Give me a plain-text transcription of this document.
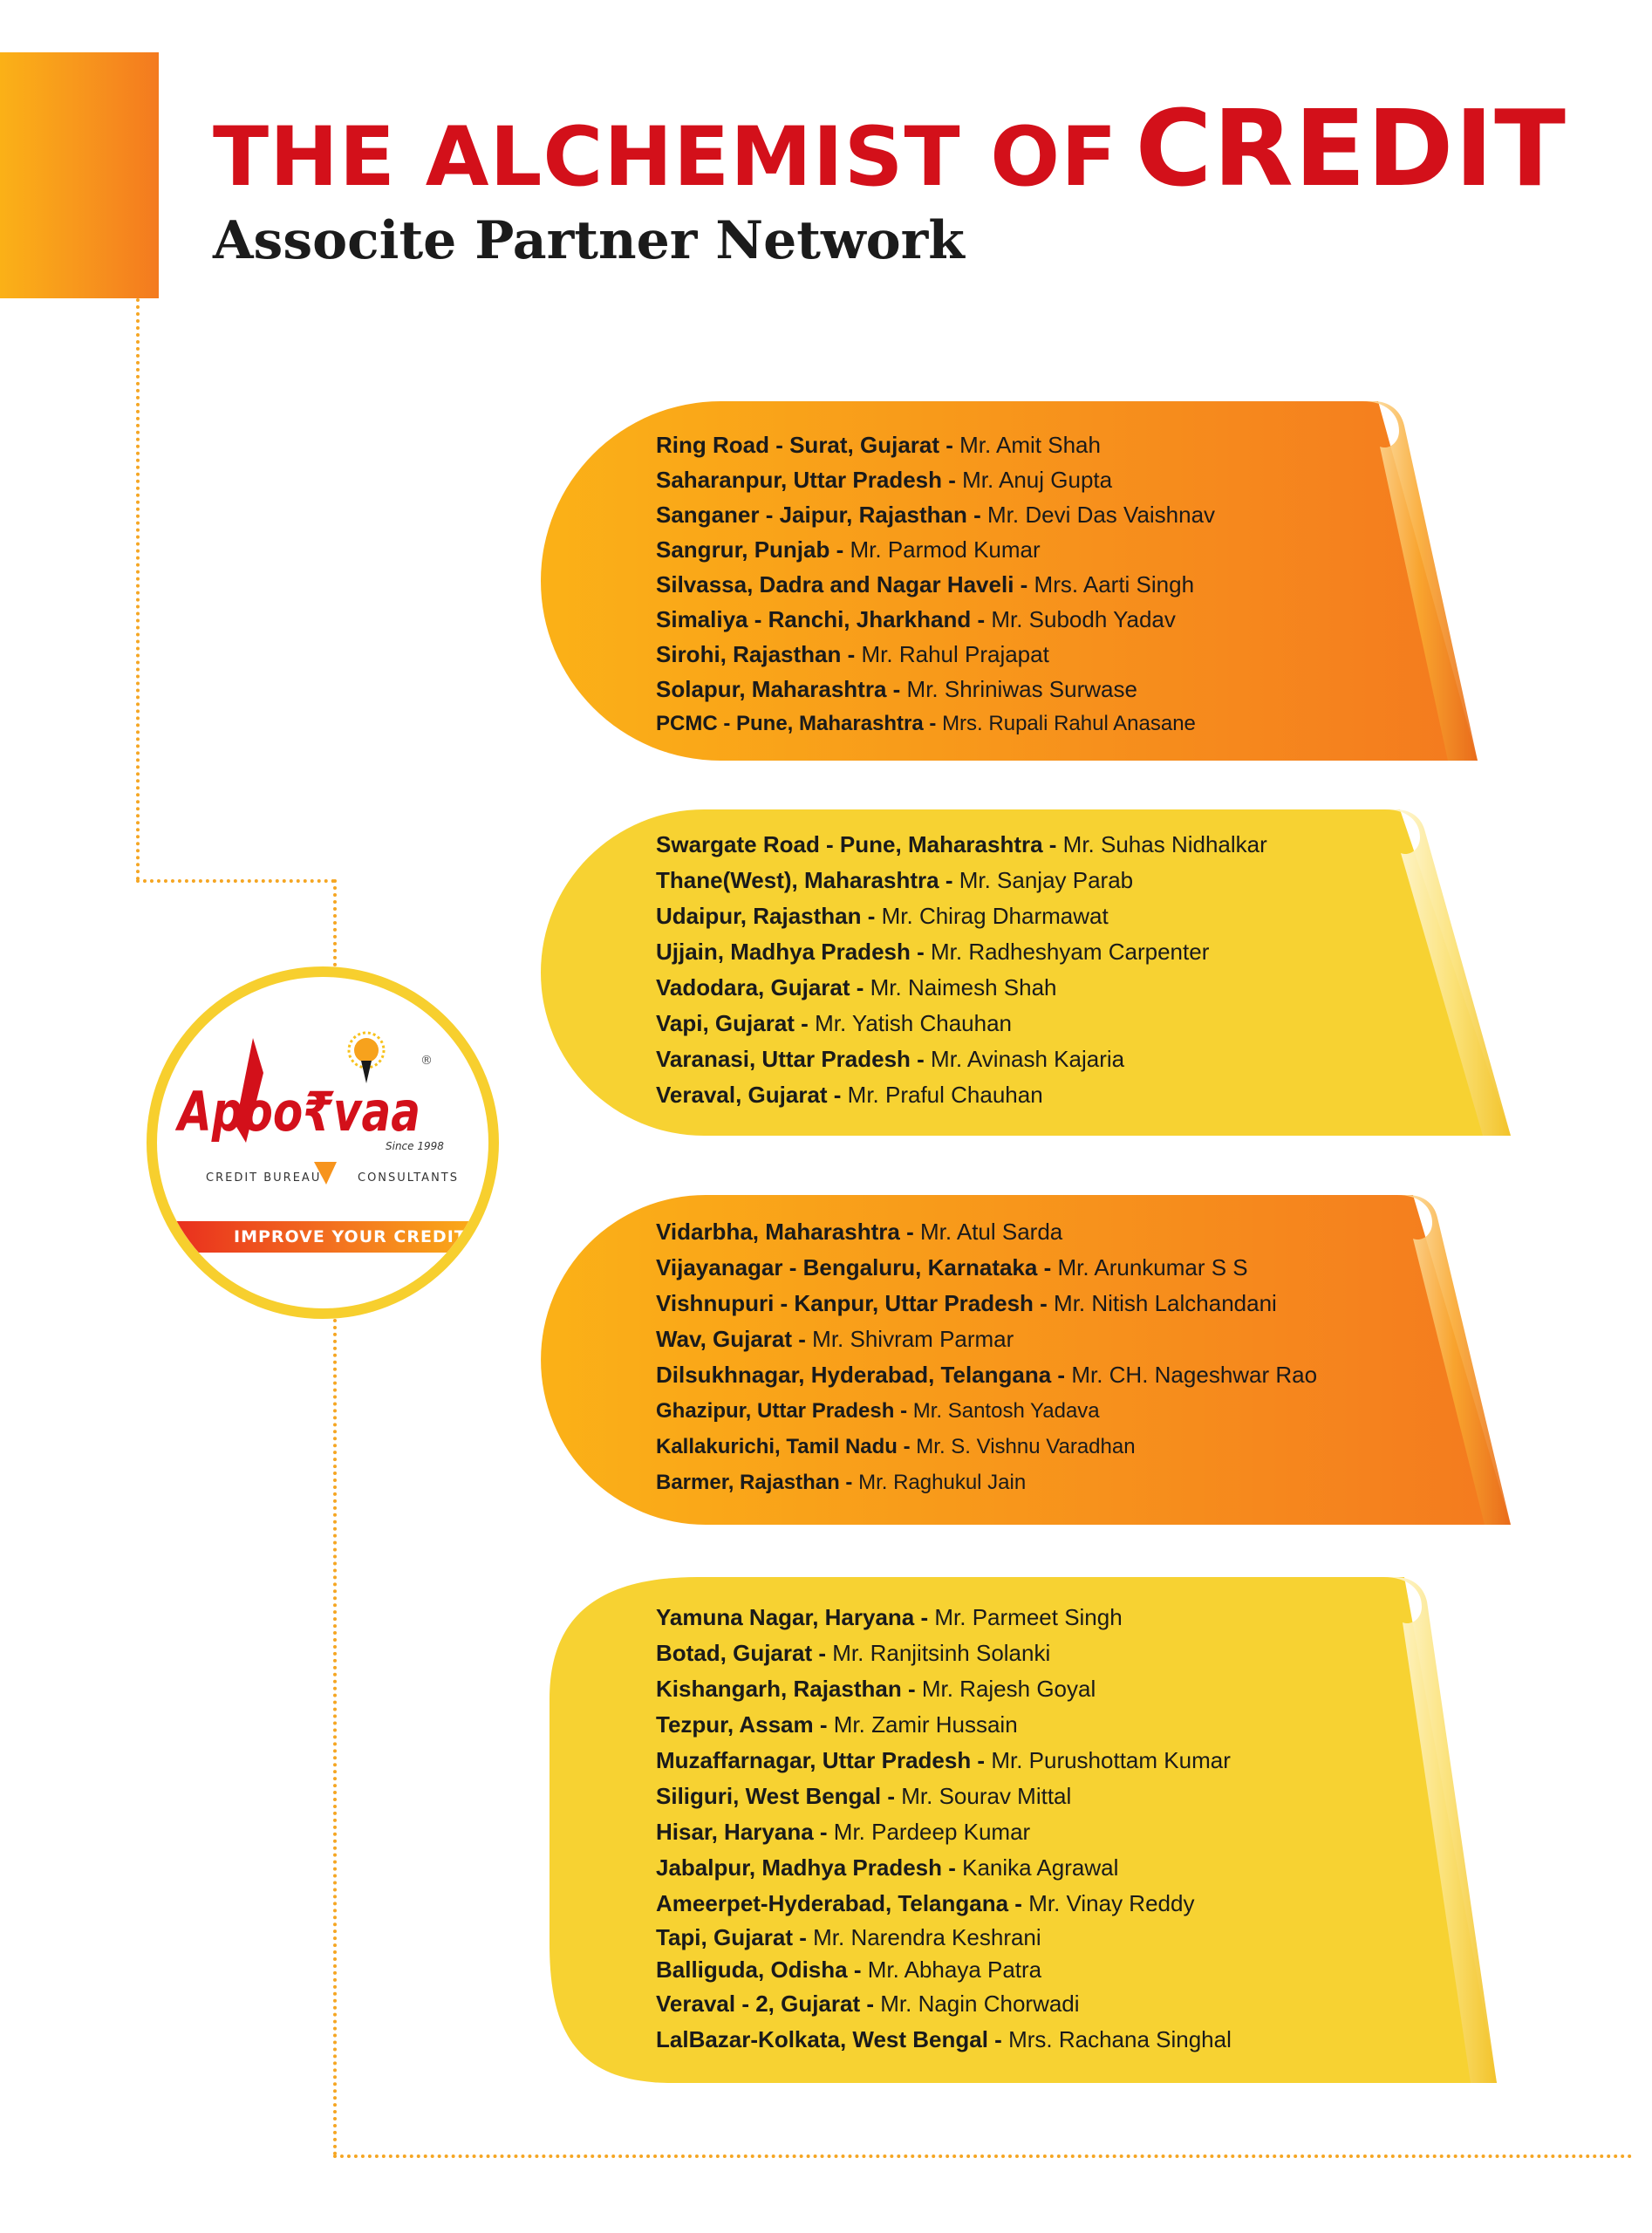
THE ALCHEMIST OF CREDIT
Associte Partner Network
®
Apoo₹vaa
Since 1998
CREDIT BUREAU	CONSULTANTS
IMPROVE YOUR CREDIT
Ring Road - Surat, Gujarat - Mr. Amit Shah
Saharanpur, Uttar Pradesh - Mr. Anuj Gupta
Sanganer - Jaipur, Rajasthan - Mr. Devi Das Vaishnav
Sangrur, Punjab - Mr. Parmod Kumar
Silvassa, Dadra and Nagar Haveli - Mrs. Aarti Singh
Simaliya - Ranchi, Jharkhand - Mr. Subodh Yadav
Sirohi, Rajasthan - Mr. Rahul Prajapat
Solapur, Maharashtra - Mr. Shriniwas Surwase
PCMC - Pune, Maharashtra - Mrs. Rupali Rahul Anasane
Swargate Road - Pune, Maharashtra - Mr. Suhas Nidhalkar
Thane(West), Maharashtra - Mr. Sanjay Parab
Udaipur, Rajasthan - Mr. Chirag Dharmawat
Ujjain, Madhya Pradesh - Mr. Radheshyam Carpenter
Vadodara, Gujarat - Mr. Naimesh Shah
Vapi, Gujarat - Mr. Yatish Chauhan
Varanasi, Uttar Pradesh - Mr. Avinash Kajaria
Veraval, Gujarat - Mr. Praful Chauhan
Vidarbha, Maharashtra - Mr. Atul Sarda
Vijayanagar - Bengaluru, Karnataka - Mr. Arunkumar S S
Vishnupuri - Kanpur, Uttar Pradesh - Mr. Nitish Lalchandani
Wav, Gujarat - Mr. Shivram Parmar
Dilsukhnagar, Hyderabad, Telangana - Mr. CH. Nageshwar Rao
Ghazipur, Uttar Pradesh - Mr. Santosh Yadava
Kallakurichi, Tamil Nadu - Mr. S. Vishnu Varadhan
Barmer, Rajasthan - Mr. Raghukul Jain
Yamuna Nagar, Haryana - Mr. Parmeet Singh
Botad, Gujarat - Mr. Ranjitsinh Solanki
Kishangarh, Rajasthan - Mr. Rajesh Goyal
Tezpur, Assam - Mr. Zamir Hussain
Muzaffarnagar, Uttar Pradesh - Mr. Purushottam Kumar
Siliguri, West Bengal - Mr. Sourav Mittal
Hisar, Haryana - Mr. Pardeep Kumar
Jabalpur, Madhya Pradesh - Kanika Agrawal
Ameerpet-Hyderabad, Telangana - Mr. Vinay Reddy
Tapi, Gujarat - Mr. Narendra Keshrani
Balliguda, Odisha - Mr. Abhaya Patra
Veraval - 2, Gujarat - Mr. Nagin Chorwadi
LalBazar-Kolkata, West Bengal - Mrs. Rachana Singhal
